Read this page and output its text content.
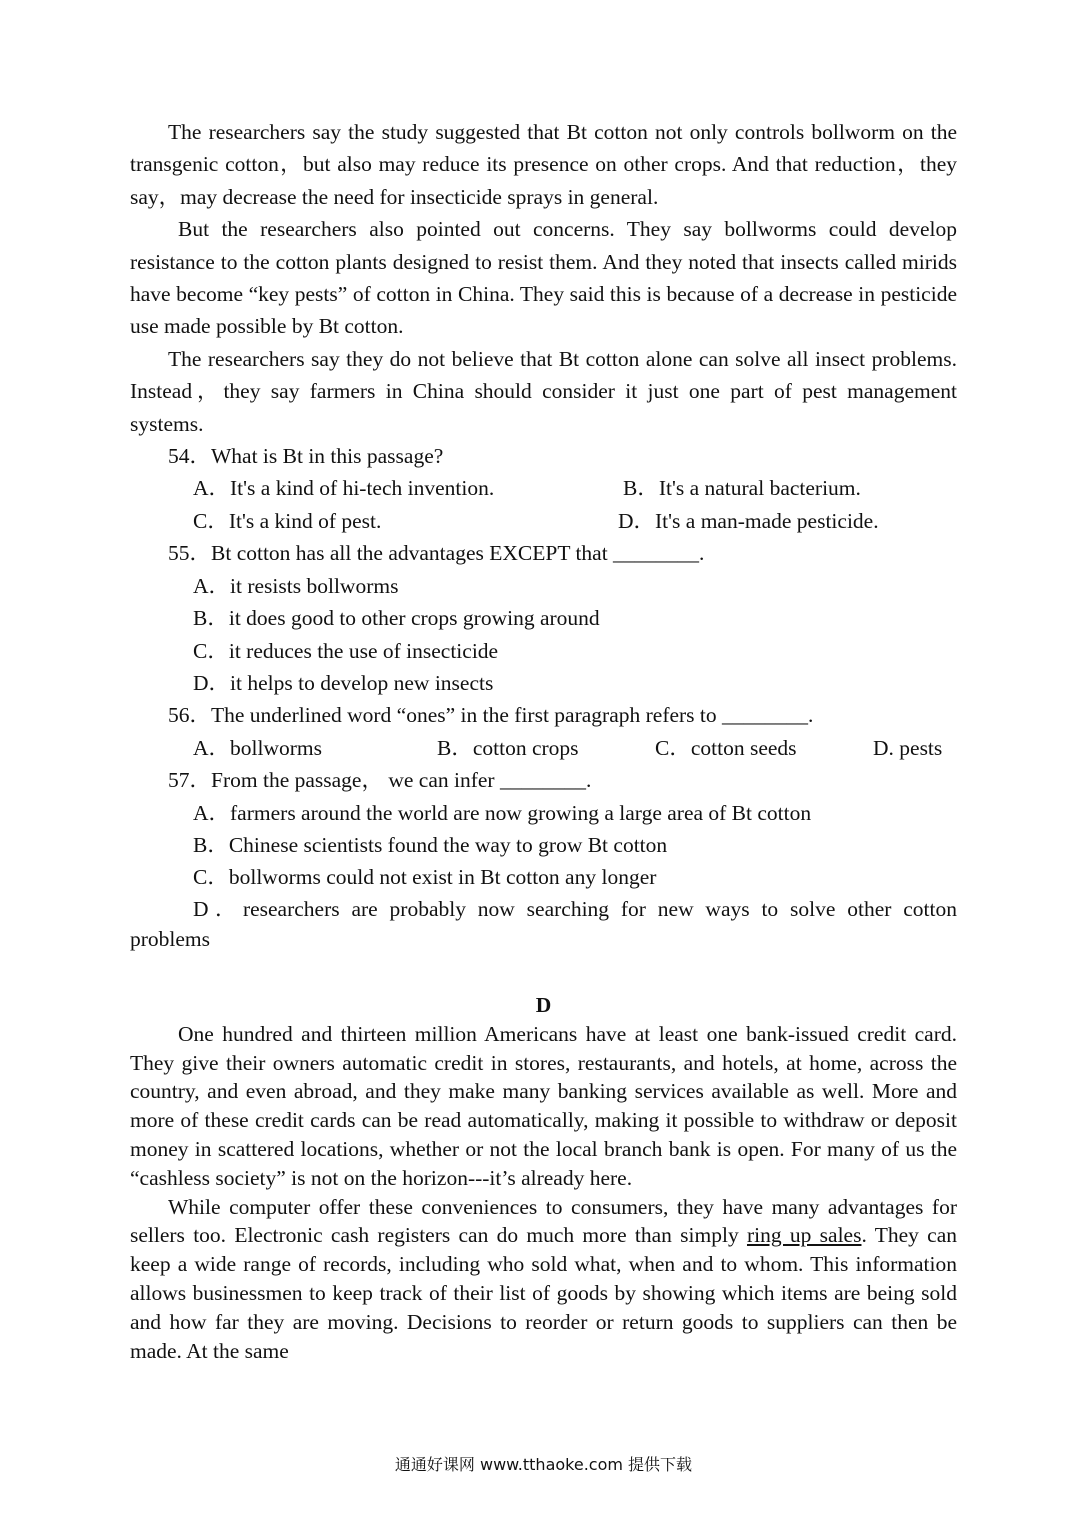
The researchers say the study suggested that Bt cotton not only controls bollworm on the transgenic cotton，but also may reduce its presence on other crops. And that reduction，they say，may decrease the need for insecticide sprays in general.

But the researchers also pointed out concerns. They say bollworms could develop resistance to the cotton plants designed to resist them. And they noted that insects called mirids have become “key pests” of cotton in China. They said this is because of a decrease in pesticide use made possible by Bt cotton.

The researchers say they do not believe that Bt cotton alone can solve all insect problems. Instead，they say farmers in China should consider it just one part of pest management systems.

54．What is Bt in this passage?

A．It's a kind of hi-tech invention.	B．It's a natural bacterium.
C．It's a kind of pest.	D．It's a man-made pesticide.

55．Bt cotton has all the advantages EXCEPT that ________.

A．it resists bollworms

B．it does good to other crops growing around

C．it reduces the use of insecticide

D．it helps to develop new insects

56．The underlined word “ones” in the first paragraph refers to ________.

A．bollworms	B．cotton crops	C．cotton seeds	D. pests

57．From the passage， we can infer ________.

A．farmers around the world are now growing a large area of Bt cotton

B．Chinese scientists found the way to grow Bt cotton

C．bollworms could not exist in Bt cotton any longer

D．researchers are probably now searching for new ways to solve other cotton problems

D

One hundred and thirteen million Americans have at least one bank-issued credit card. They give their owners automatic credit in stores, restaurants, and hotels, at home, across the country, and even abroad, and they make many banking services available as well. More and more of these credit cards can be read automatically, making it possible to withdraw or deposit money in scattered locations, whether or not the local branch bank is open. For many of us the “cashless society” is not on the horizon---it’s already here.

While computer offer these conveniences to consumers, they have many advantages for sellers too. Electronic cash registers can do much more than simply ring up sales. They can keep a wide range of records, including who sold what, when and to whom. This information allows businessmen to keep track of their list of goods by showing which items are being sold and how far they are moving. Decisions to reorder or return goods to suppliers can then be made. At the same

通通好课网 www.tthaoke.com 提供下载
